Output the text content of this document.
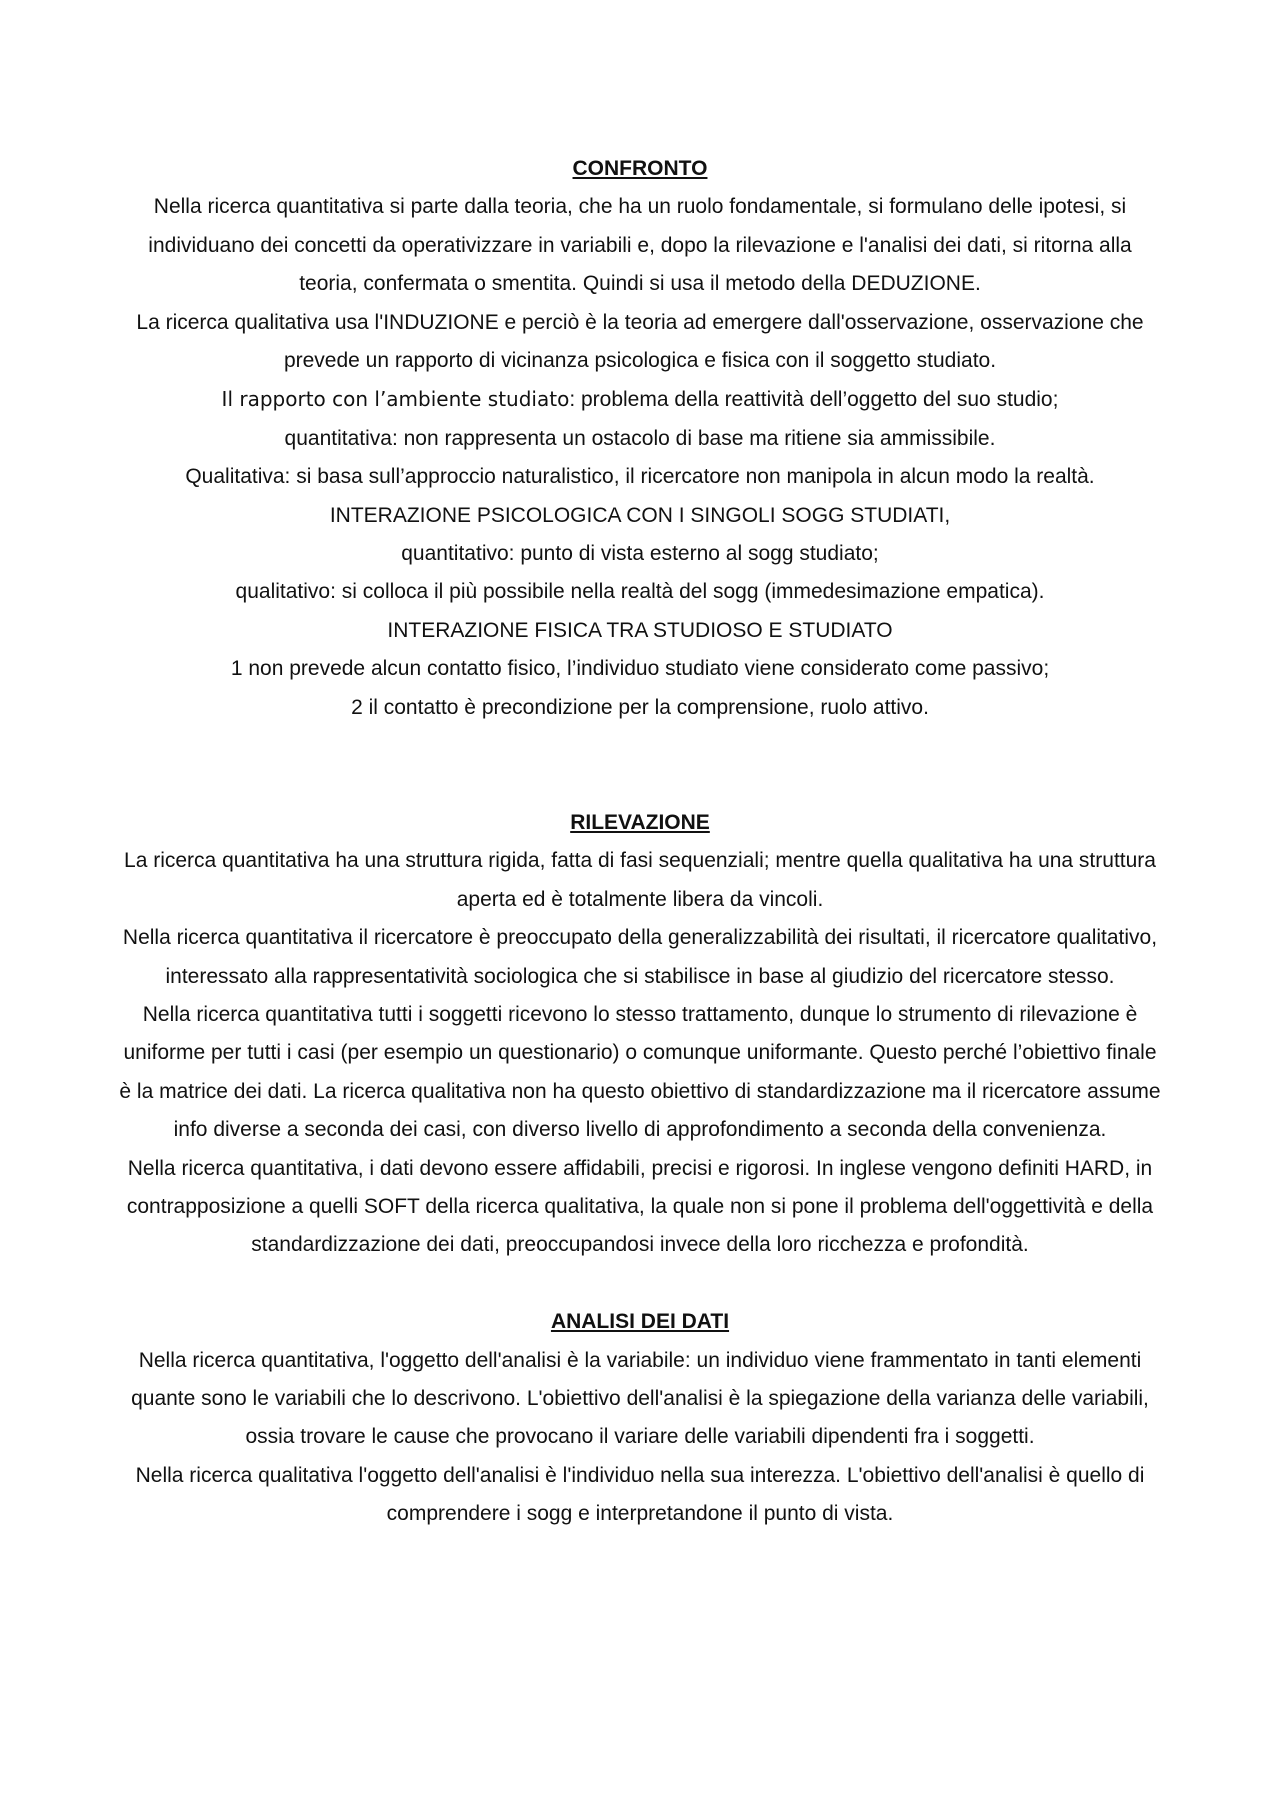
CONFRONTO

Nella ricerca quantitativa si parte dalla teoria, che ha un ruolo fondamentale, si formulano delle ipotesi, si individuano dei concetti da operativizzare in variabili e, dopo la rilevazione e l'analisi dei dati, si ritorna alla teoria, confermata o smentita. Quindi si usa il metodo della DEDUZIONE.

La ricerca qualitativa usa l'INDUZIONE e perciò è la teoria ad emergere dall'osservazione, osservazione che prevede un rapporto di vicinanza psicologica e fisica con il soggetto studiato.

Il rapporto con l’ambiente studiato: problema della reattività dell’oggetto del suo studio;

quantitativa: non rappresenta un ostacolo di base ma ritiene sia ammissibile.

Qualitativa: si basa sull’approccio naturalistico, il ricercatore non manipola in alcun modo la realtà.

INTERAZIONE PSICOLOGICA CON I SINGOLI SOGG STUDIATI,

quantitativo: punto di vista esterno al sogg studiato;

qualitativo: si colloca il più possibile nella realtà del sogg (immedesimazione empatica).

INTERAZIONE FISICA TRA STUDIOSO E STUDIATO

1 non prevede alcun contatto fisico, l’individuo studiato viene considerato come passivo;

2 il contatto è precondizione per la comprensione, ruolo attivo.

RILEVAZIONE

La ricerca quantitativa ha una struttura rigida, fatta di fasi sequenziali; mentre quella qualitativa ha una struttura aperta ed è totalmente libera da vincoli.

Nella ricerca quantitativa il ricercatore è preoccupato della generalizzabilità dei risultati, il ricercatore qualitativo, interessato alla rappresentatività sociologica che si stabilisce in base al giudizio del ricercatore stesso.

Nella ricerca quantitativa tutti i soggetti ricevono lo stesso trattamento, dunque lo strumento di rilevazione è uniforme per tutti i casi (per esempio un questionario) o comunque uniformante. Questo perché l’obiettivo finale è la matrice dei dati. La ricerca qualitativa non ha questo obiettivo di standardizzazione ma il ricercatore assume info diverse a seconda dei casi, con diverso livello di approfondimento a seconda della convenienza.

Nella ricerca quantitativa, i dati devono essere affidabili, precisi e rigorosi. In inglese vengono definiti HARD, in contrapposizione a quelli SOFT della ricerca qualitativa, la quale non si pone il problema dell'oggettività e della standardizzazione dei dati, preoccupandosi invece della loro ricchezza e profondità.

ANALISI DEI DATI

Nella ricerca quantitativa, l'oggetto dell'analisi è la variabile: un individuo viene frammentato in tanti elementi quante sono le variabili che lo descrivono. L'obiettivo dell'analisi è la spiegazione della varianza delle variabili, ossia trovare le cause che provocano il variare delle variabili dipendenti fra i soggetti.

Nella ricerca qualitativa l'oggetto dell'analisi è l'individuo nella sua interezza. L'obiettivo dell'analisi è quello di comprendere i sogg e interpretandone il punto di vista.
